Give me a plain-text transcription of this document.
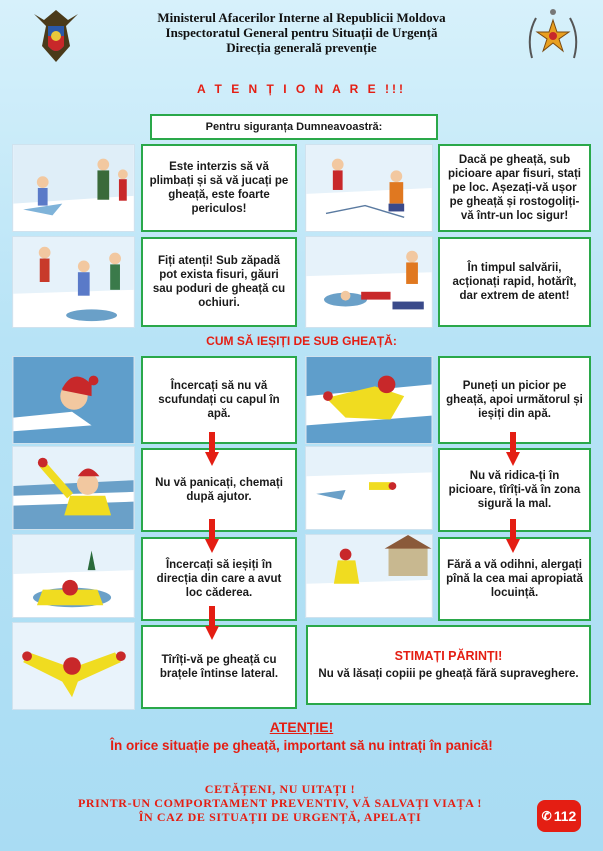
Ministerul Afacerilor Interne al Republicii Moldova
Inspectoratul General pentru Situații de Urgență
Direcția generală prevenție
A T E N Ț I O N A R E !!!
Pentru siguranța Dumneavoastră:
Este interzis să vă plimbați și să vă jucați pe gheață, este foarte periculos!
Dacă pe gheață, sub picioare apar fisuri, stați pe loc. Așezați-vă ușor pe gheață și rostogoliți-vă într-un loc sigur!
Fiți atenți! Sub zăpadă pot exista fisuri, găuri sau poduri de gheață cu ochiuri.
În timpul salvării, acționați rapid, hotărît, dar extrem de atent!
CUM SĂ IEȘIȚI DE SUB GHEAȚĂ:
Încercați să nu vă scufundați cu capul în apă.
Nu vă panicați, chemați după ajutor.
Încercați să ieșiți în direcția din care a avut loc căderea.
Tîrîți-vă pe gheață cu brațele întinse lateral.
Puneți un picior pe gheață, apoi următorul și ieșiți din apă.
Nu vă ridica-ți în picioare, tîrîți-vă în zona sigură la mal.
Fără a vă odihni, alergați pînă la cea mai apropiată locuință.
STIMAȚI PĂRINȚI!
Nu vă lăsați copiii pe gheață fără supraveghere.
ATENȚIE!
În orice situație pe gheață, important să nu intrați în panică!
CETĂȚENI, NU UITAȚI !
PRINTR-UN COMPORTAMENT PREVENTIV, VĂ SALVAȚI VIAȚA !
ÎN CAZ DE SITUAȚII DE URGENȚĂ, APELAȚI	✆ 112
